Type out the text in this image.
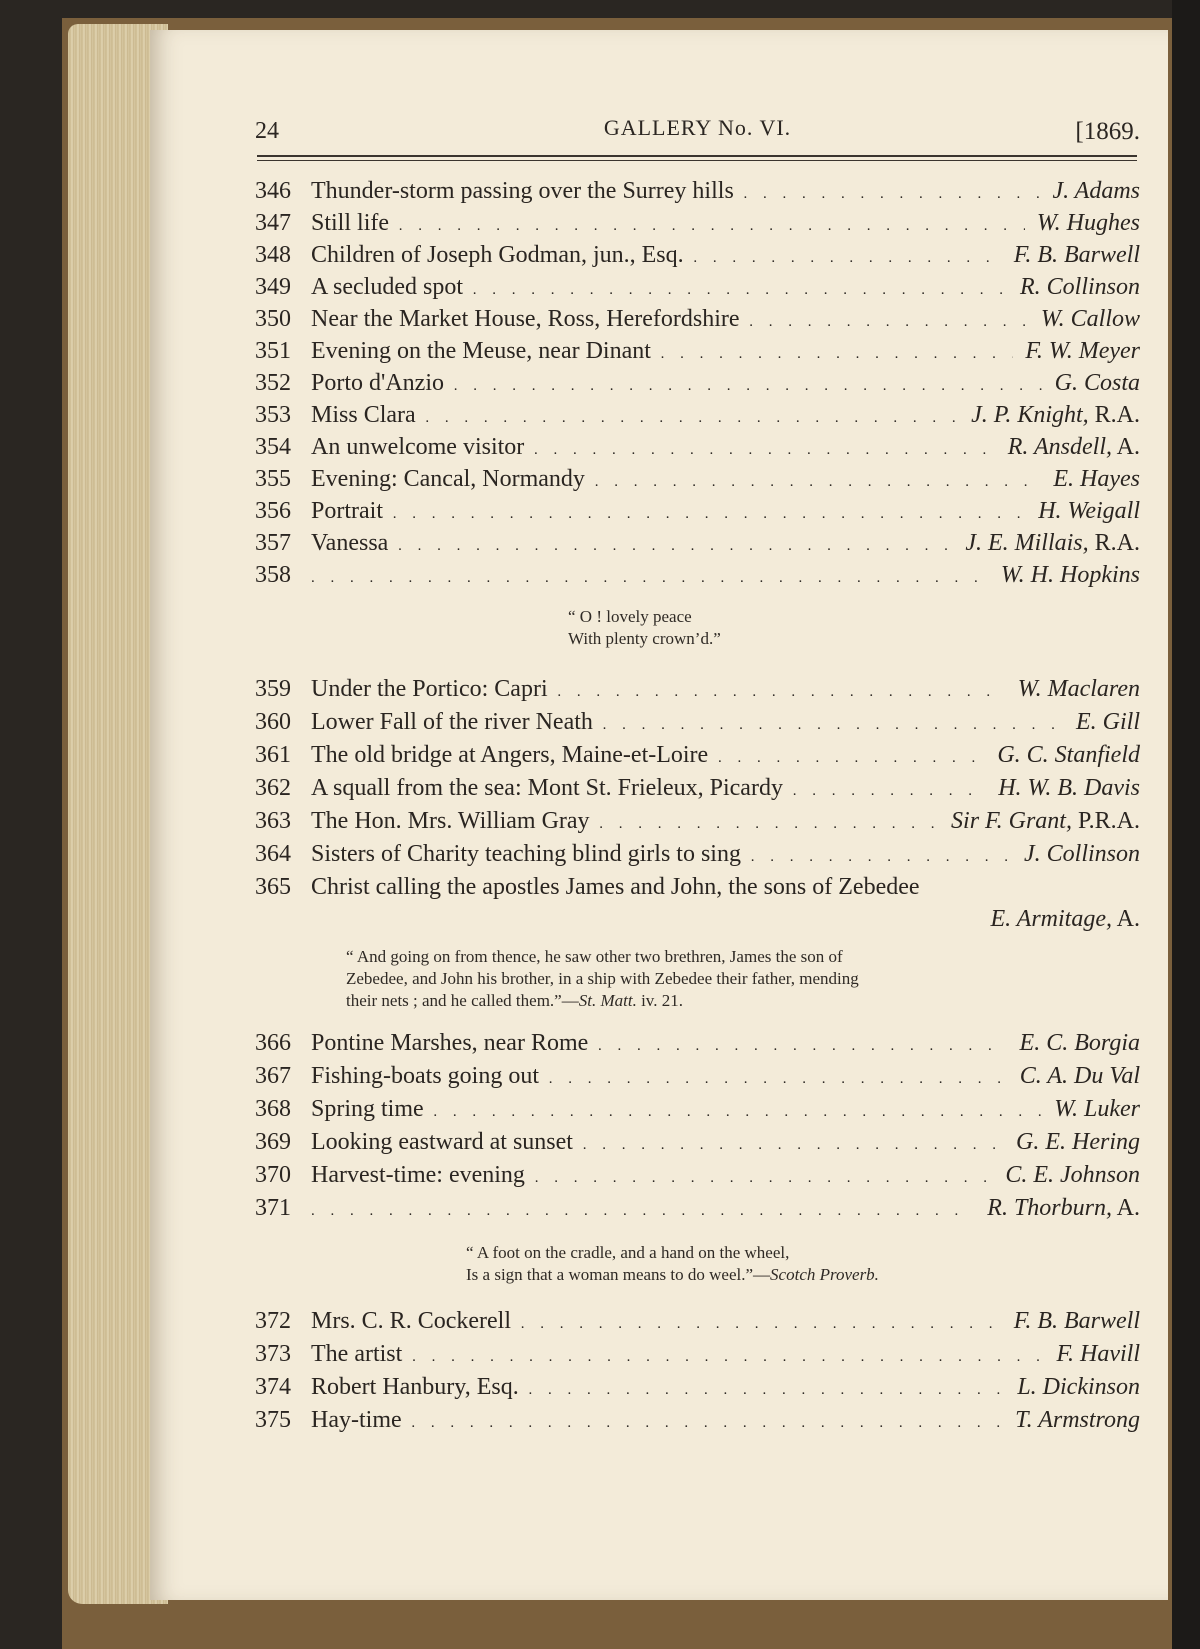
24	GALLERY No. VI.	[1869.
346 Thunder-storm passing over the Surrey hills . . .	J. Adams
347 Still life . . .	W. Hughes
348 Children of Joseph Godman, jun., Esq. . . .	F. B. Barwell
349 A secluded spot . . .	R. Collinson
350 Near the Market House, Ross, Herefordshire . . .	W. Callow
351 Evening on the Meuse, near Dinant . . .	F. W. Meyer
352 Porto d'Anzio . . .	G. Costa
353 Miss Clara . . .	J. P. Knight, R.A.
354 An unwelcome visitor . . .	R. Ansdell, A.
355 Evening: Cancal, Normandy . . .	E. Hayes
356 Portrait . . .	H. Weigall
357 Vanessa . . .	J. E. Millais, R.A.
358 . . .	W. H. Hopkins
“ O ! lovely peace
With plenty crown’d.”
359 Under the Portico: Capri . . .	W. Maclaren
360 Lower Fall of the river Neath . . .	E. Gill
361 The old bridge at Angers, Maine-et-Loire . . .	G. C. Stanfield
362 A squall from the sea: Mont St. Frieleux, Picardy . . .	H. W. B. Davis
363 The Hon. Mrs. William Gray . . .	Sir F. Grant, P.R.A.
364 Sisters of Charity teaching blind girls to sing . . .	J. Collinson
365 Christ calling the apostles James and John, the sons of Zebedee
E. Armitage, A.
“ And going on from thence, he saw other two brethren, James the son of
Zebedee, and John his brother, in a ship with Zebedee their father, mending
their nets ; and he called them.”—St. Matt. iv. 21.
366 Pontine Marshes, near Rome . . .	E. C. Borgia
367 Fishing-boats going out . . .	C. A. Du Val
368 Spring time . . .	W. Luker
369 Looking eastward at sunset . . .	G. E. Hering
370 Harvest-time: evening . . .	C. E. Johnson
371 . . .	R. Thorburn, A.
“ A foot on the cradle, and a hand on the wheel,
Is a sign that a woman means to do weel.”—Scotch Proverb.
372 Mrs. C. R. Cockerell . . .	F. B. Barwell
373 The artist . . .	F. Havill
374 Robert Hanbury, Esq. . . .	L. Dickinson
375 Hay-time . . .	T. Armstrong
